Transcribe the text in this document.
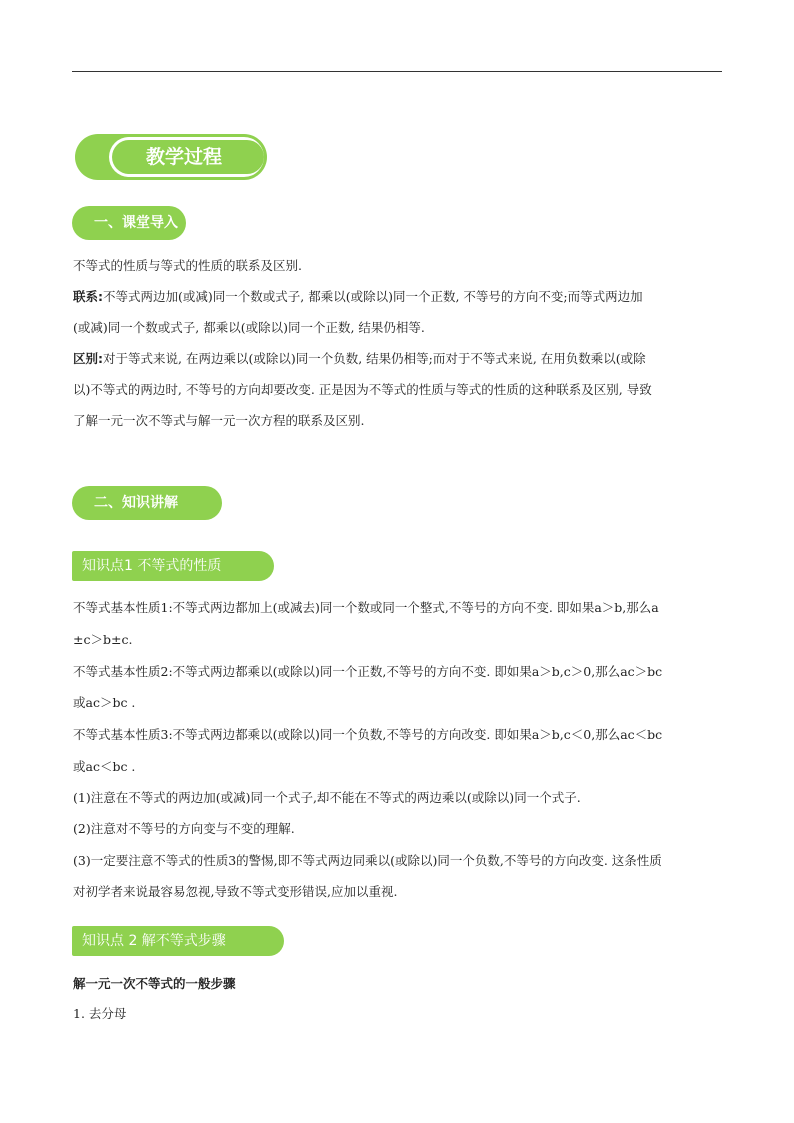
教学过程
一、课堂导入
不等式的性质与等式的性质的联系及区别.
联系:不等式两边加(或减)同一个数或式子, 都乘以(或除以)同一个正数, 不等号的方向不变;而等式两边加
(或减)同一个数或式子, 都乘以(或除以)同一个正数, 结果仍相等.
区别:对于等式来说, 在两边乘以(或除以)同一个负数, 结果仍相等;而对于不等式来说, 在用负数乘以(或除
以)不等式的两边时, 不等号的方向却要改变. 正是因为不等式的性质与等式的性质的这种联系及区别, 导致
了解一元一次不等式与解一元一次方程的联系及区别.
二、知识讲解
知识点1 不等式的性质
不等式基本性质1:不等式两边都加上(或减去)同一个数或同一个整式,不等号的方向不变. 即如果a＞b,那么a
±c＞b±c.
不等式基本性质2:不等式两边都乘以(或除以)同一个正数,不等号的方向不变. 即如果a＞b,c＞0,那么ac＞bc
或ac＞bc .
不等式基本性质3:不等式两边都乘以(或除以)同一个负数,不等号的方向改变. 即如果a＞b,c＜0,那么ac＜bc
或ac＜bc .
(1)注意在不等式的两边加(或减)同一个式子,却不能在不等式的两边乘以(或除以)同一个式子.
(2)注意对不等号的方向变与不变的理解.
(3)一定要注意不等式的性质3的警惕,即不等式两边同乘以(或除以)同一个负数,不等号的方向改变. 这条性质
对初学者来说最容易忽视,导致不等式变形错误,应加以重视.
知识点 2 解不等式步骤
解一元一次不等式的一般步骤
1. 去分母
